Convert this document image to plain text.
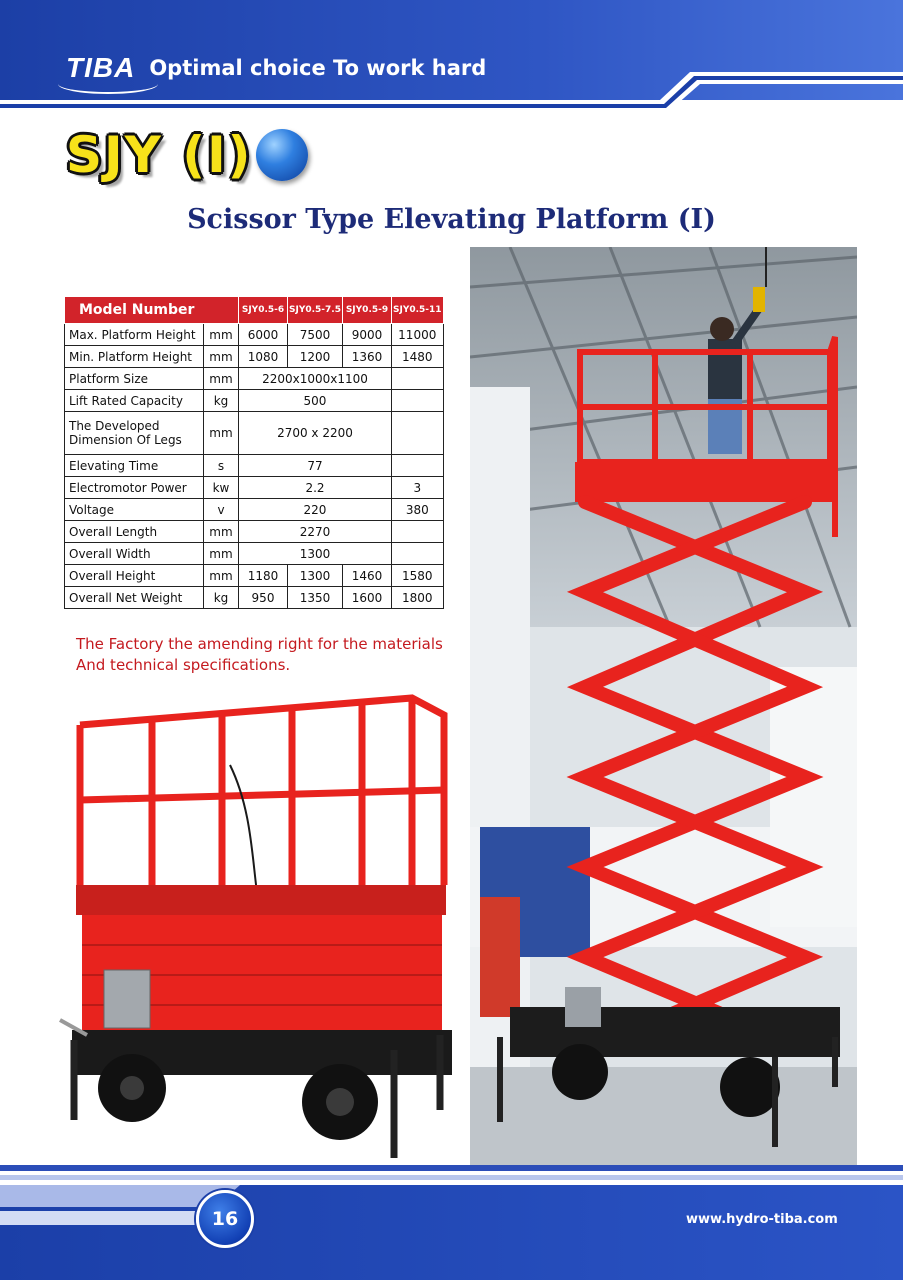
TIBA Optimal choice To work hard
SJY (I)
Scissor Type Elevating Platform (I)
Model Number		SJY0.5-6	SJY0.5-7.5	SJY0.5-9	SJY0.5-11
Max. Platform Height	mm	6000	7500	9000	11000
Min. Platform Height	mm	1080	1200	1360	1480
Platform Size	mm	2200x1000x1100			
Lift Rated Capacity	kg	500			
The Developed
Dimension Of Legs	mm	2700 x 2200			
Elevating Time	s	77			
Electromotor Power	kw	2.2			3
Voltage	v	220			380
Overall Length	mm	2270			
Overall Width	mm	1300			
Overall Height	mm	1180	1300	1460	1580
Overall Net Weight	kg	950	1350	1600	1800
The Factory the amending right for the materials
And technical specifications.
16	www.hydro-tiba.com
